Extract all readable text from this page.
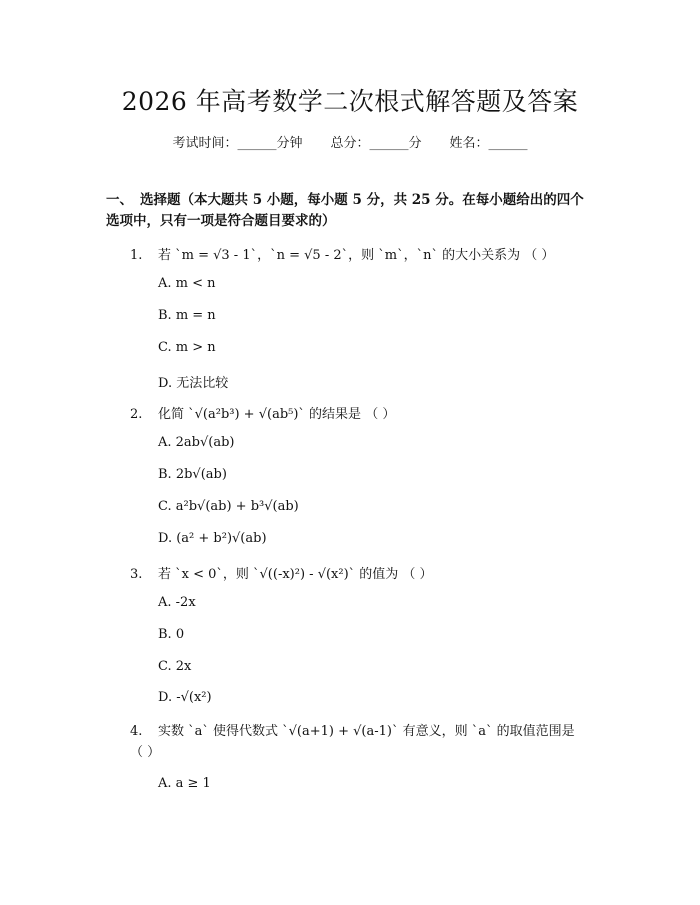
2026 年高考数学二次根式解答题及答案
考试时间：______分钟 总分：______分 姓名：______
一、 选择题（本大题共 5 小题，每小题 5 分，共 25 分。在每小题给出的四个选项中，只有一项是符合题目要求的）
1. 若 `m = √3 - 1`，`n = √5 - 2`，则 `m`，`n` 的大小关系为 （ ）
A. m < n
B. m = n
C. m > n
D. 无法比较
2. 化简 `√(a²b³) + √(ab⁵)` 的结果是 （ ）
A. 2ab√(ab)
B. 2b√(ab)
C. a²b√(ab) + b³√(ab)
D. (a² + b²)√(ab)
3. 若 `x < 0`，则 `√((-x)²) - √(x²)` 的值为 （ ）
A. -2x
B. 0
C. 2x
D. -√(x²)
4. 实数 `a` 使得代数式 `√(a+1) + √(a-1)` 有意义，则 `a` 的取值范围是 （ ）
A. a ≥ 1
